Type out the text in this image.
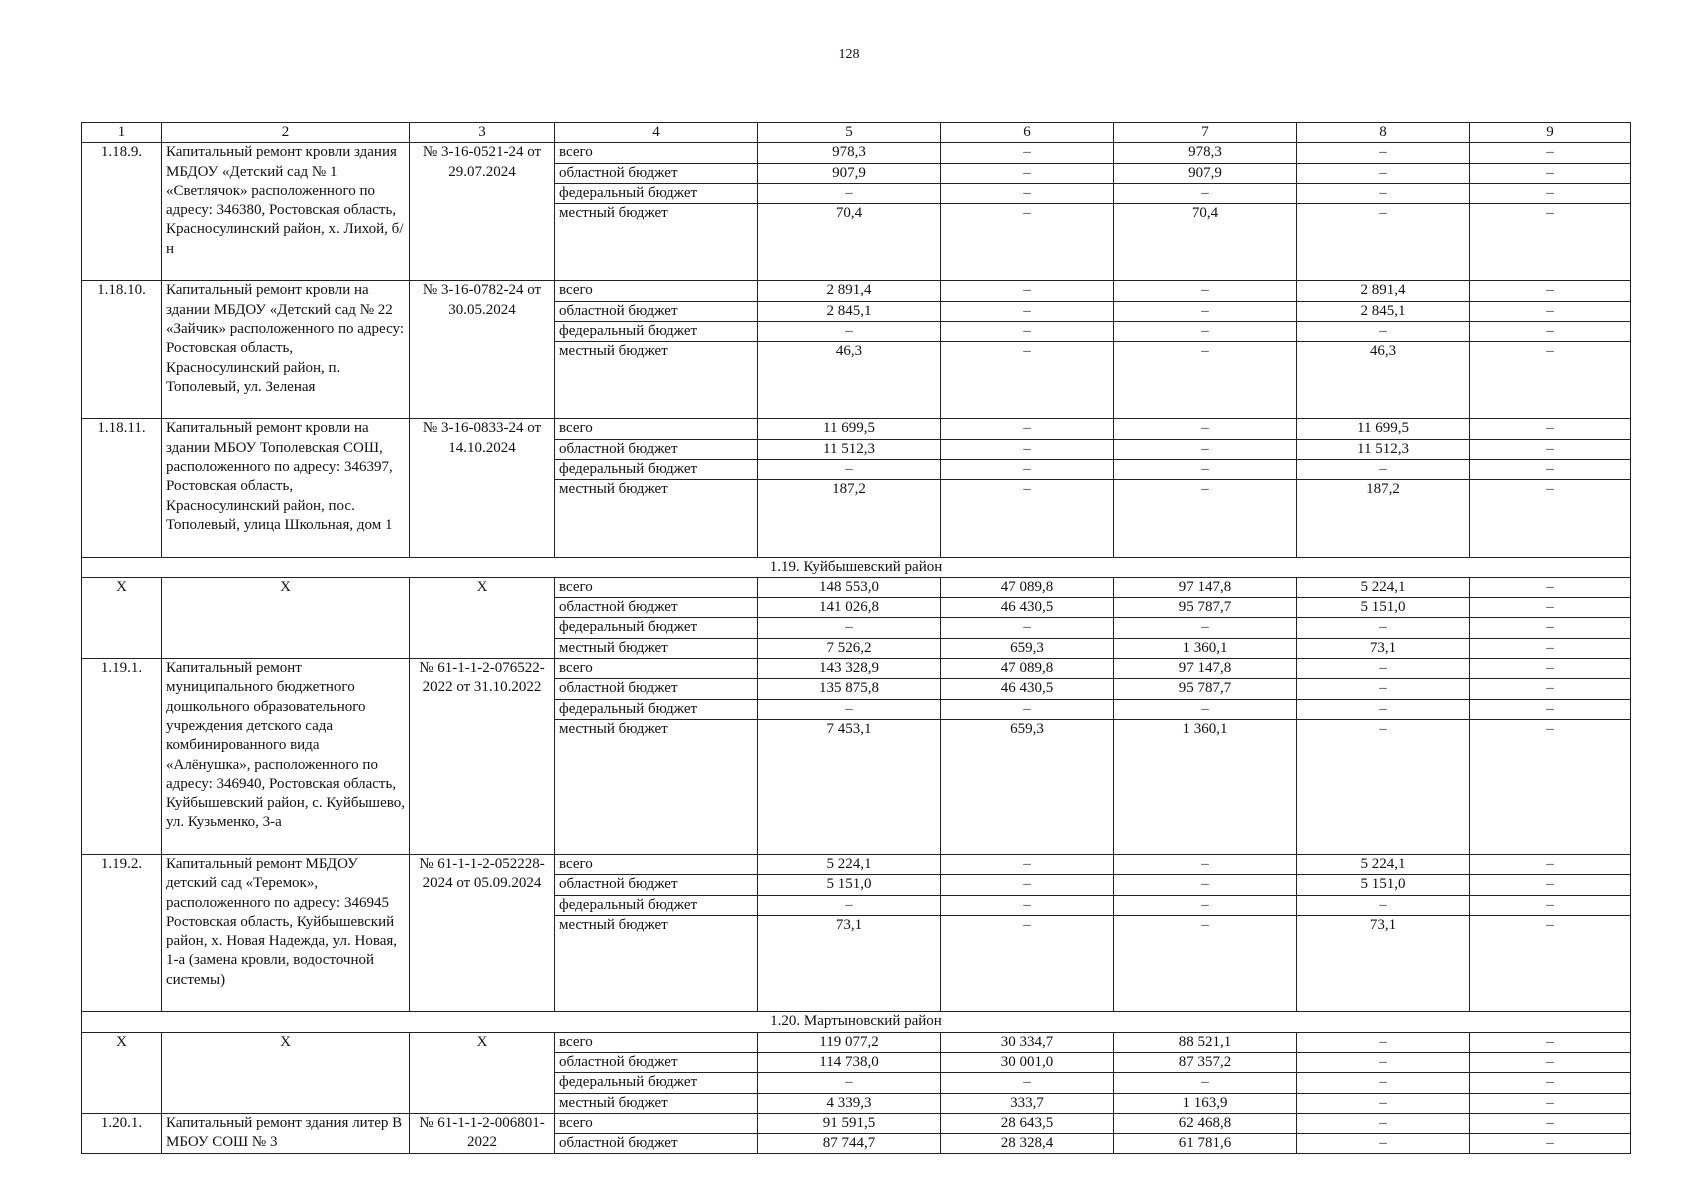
128
1	2	3	4	5	6	7	8	9
1.18.9.	Капитальный ремонт кровли здания МБДОУ «Детский сад № 1 «Светлячок» расположенного по адресу: 346380, Ростовская область, Красносулинский район, х. Лихой, б/н	№ 3-16-0521-24 от 29.07.2024	всего	978,3	–	978,3	–	–
			областной бюджет	907,9	–	907,9	–	–
			федеральный бюджет	–	–	–	–	–
			местный бюджет	70,4	–	70,4	–	–
1.18.10.	Капитальный ремонт кровли на здании МБДОУ «Детский сад № 22 «Зайчик» расположенного по адресу: Ростовская область, Красносулинский район, п. Тополевый, ул. Зеленая	№ 3-16-0782-24 от 30.05.2024	всего	2 891,4	–	–	2 891,4	–
			областной бюджет	2 845,1	–	–	2 845,1	–
			федеральный бюджет	–	–	–	–	–
			местный бюджет	46,3	–	–	46,3	–
1.18.11.	Капитальный ремонт кровли на здании МБОУ Тополевская СОШ, расположенного по адресу: 346397, Ростовская область, Красносулинский район, пос. Тополевый, улица Школьная, дом 1	№ 3-16-0833-24 от 14.10.2024	всего	11 699,5	–	–	11 699,5	–
			областной бюджет	11 512,3	–	–	11 512,3	–
			федеральный бюджет	–	–	–	–	–
			местный бюджет	187,2	–	–	187,2	–
1.19. Куйбышевский район								
X	X	X	всего	148 553,0	47 089,8	97 147,8	5 224,1	–
			областной бюджет	141 026,8	46 430,5	95 787,7	5 151,0	–
			федеральный бюджет	–	–	–	–	–
			местный бюджет	7 526,2	659,3	1 360,1	73,1	–
1.19.1.	Капитальный ремонт муниципального бюджетного дошкольного образовательного учреждения детского сада комбинированного вида «Алёнушка», расположенного по адресу: 346940, Ростовская область, Куйбышевский район, с. Куйбышево, ул. Кузьменко, 3-а	№ 61-1-1-2-076522-2022 от 31.10.2022	всего	143 328,9	47 089,8	97 147,8	–	–
			областной бюджет	135 875,8	46 430,5	95 787,7	–	–
			федеральный бюджет	–	–	–	–	–
			местный бюджет	7 453,1	659,3	1 360,1	–	–
1.19.2.	Капитальный ремонт МБДОУ детский сад «Теремок», расположенного по адресу: 346945 Ростовская область, Куйбышевский район, х. Новая Надежда, ул. Новая, 1-а (замена кровли, водосточной системы)	№ 61-1-1-2-052228-2024 от 05.09.2024	всего	5 224,1	–	–	5 224,1	–
			областной бюджет	5 151,0	–	–	5 151,0	–
			федеральный бюджет	–	–	–	–	–
			местный бюджет	73,1	–	–	73,1	–
1.20. Мартыновский район								
X	X	X	всего	119 077,2	30 334,7	88 521,1	–	–
			областной бюджет	114 738,0	30 001,0	87 357,2	–	–
			федеральный бюджет	–	–	–	–	–
			местный бюджет	4 339,3	333,7	1 163,9	–	–
1.20.1.	Капитальный ремонт здания литер В МБОУ СОШ № 3	№ 61-1-1-2-006801-2022	всего	91 591,5	28 643,5	62 468,8	–	–
			областной бюджет	87 744,7	28 328,4	61 781,6	–	–
